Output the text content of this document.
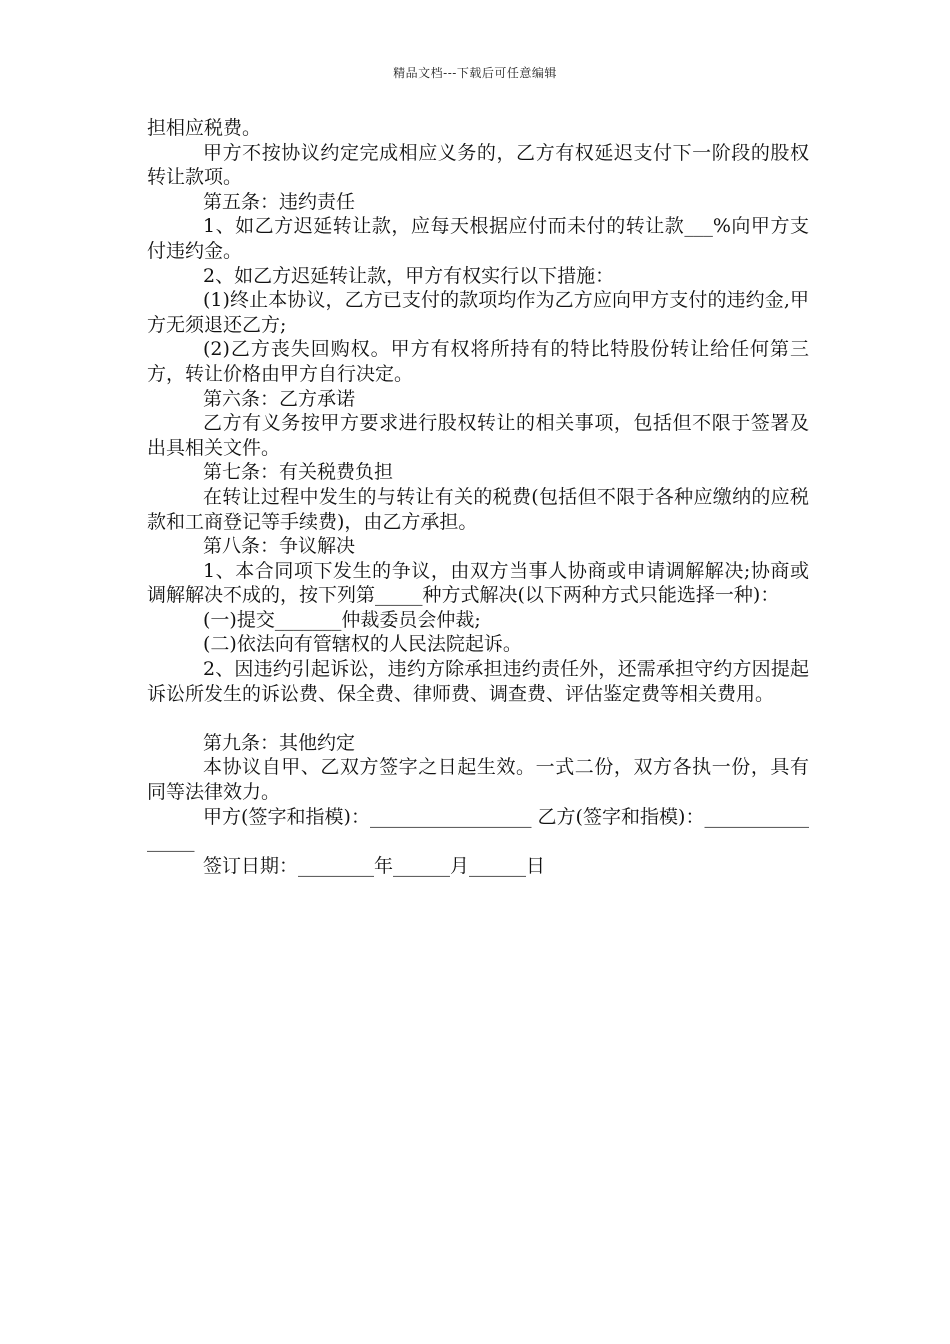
精品文档---下载后可任意编辑

担相应税费。

甲方不按协议约定完成相应义务的，乙方有权延迟支付下一阶段的股权转让款项。

第五条：违约责任

1、如乙方迟延转让款，应每天根据应付而未付的转让款___%向甲方支付违约金。

2、如乙方迟延转让款，甲方有权实行以下措施：

(1)终止本协议，乙方已支付的款项均作为乙方应向甲方支付的违约金,甲方无须退还乙方;

(2)乙方丧失回购权。甲方有权将所持有的特比特股份转让给任何第三方，转让价格由甲方自行决定。

第六条：乙方承诺

乙方有义务按甲方要求进行股权转让的相关事项，包括但不限于签署及出具相关文件。

第七条：有关税费负担

在转让过程中发生的与转让有关的税费(包括但不限于各种应缴纳的应税款和工商登记等手续费)，由乙方承担。

第八条：争议解决

1、本合同项下发生的争议，由双方当事人协商或申请调解解决;协商或调解解决不成的，按下列第_____种方式解决(以下两种方式只能选择一种)：

(一)提交_______仲裁委员会仲裁;

(二)依法向有管辖权的人民法院起诉。

2、因违约引起诉讼，违约方除承担违约责任外，还需承担守约方因提起诉讼所发生的诉讼费、保全费、律师费、调查费、评估鉴定费等相关费用。

第九条：其他约定

本协议自甲、乙双方签字之日起生效。一式二份，双方各执一份，具有同等法律效力。

甲方(签字和指模)：_________________ 乙方(签字和指模)：________________

签订日期：________年______月______日
